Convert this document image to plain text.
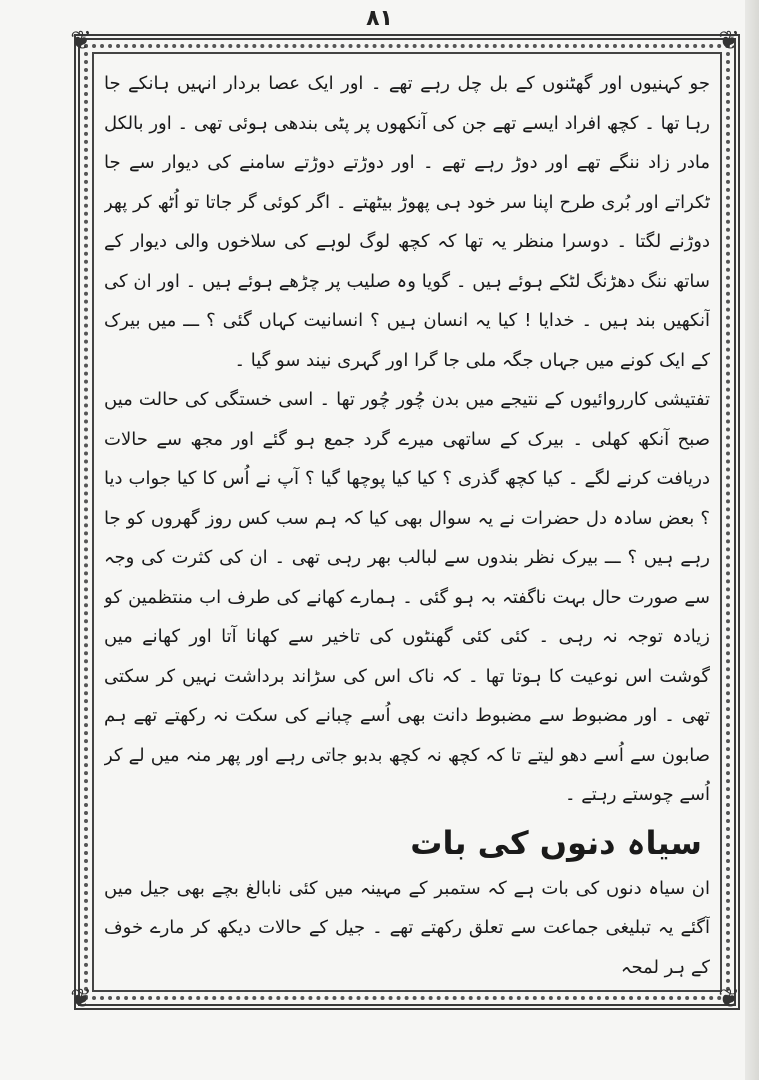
۸۱
❦	❦
❦	❦

جو کہنیوں اور گھٹنوں کے بل چل رہے تھے ۔ اور ایک عصا بردار انہیں ہانکے جا رہا تھا ۔ کچھ افراد ایسے تھے جن کی آنکھوں پر پٹی بندھی ہوئی تھی ۔ اور بالکل مادر زاد ننگے تھے اور دوڑ رہے تھے ۔ اور دوڑتے دوڑتے سامنے کی دیوار سے جا ٹکراتے اور بُری طرح اپنا سر خود ہی پھوڑ بیٹھتے ۔ اگر کوئی گر جاتا تو اُٹھ کر پھر دوڑنے لگتا ۔ دوسرا منظر یہ تھا کہ کچھ لوگ لوہے کی سلاخوں والی دیوار کے ساتھ ننگ دھڑنگ لٹکے ہوئے ہیں ۔ گویا وہ صلیب پر چڑھے ہوئے ہیں ۔ اور ان کی آنکھیں بند ہیں ۔ خدایا ! کیا یہ انسان ہیں ؟ انسانیت کہاں گئی ؟ ـــ میں بیرک کے ایک کونے میں جہاں جگہ ملی جا گرا اور گہری نیند سو گیا ۔

تفتیشی کارروائیوں کے نتیجے میں بدن چُور چُور تھا ۔ اسی خستگی کی حالت میں صبح آنکھ کھلی ۔ بیرک کے ساتھی میرے گرد جمع ہو گئے اور مجھ سے حالات دریافت کرنے لگے ۔ کیا کچھ گذری ؟ کیا کیا پوچھا گیا ؟ آپ نے اُس کا کیا جواب دیا ؟ بعض سادہ دل حضرات نے یہ سوال بھی کیا کہ ہم سب کس روز گھروں کو جا رہے ہیں ؟ ـــ بیرک نظر بندوں سے لبالب بھر رہی تھی ۔ ان کی کثرت کی وجہ سے صورت حال بہت ناگفتہ بہ ہو گئی ۔ ہمارے کھانے کی طرف اب منتظمین کو زیادہ توجہ نہ رہی ۔ کئی کئی گھنٹوں کی تاخیر سے کھانا آتا اور کھانے میں گوشت اس نوعیت کا ہوتا تھا ۔ کہ ناک اس کی سڑاند برداشت نہیں کر سکتی تھی ۔ اور مضبوط سے مضبوط دانت بھی اُسے چبانے کی سکت نہ رکھتے تھے ہم صابون سے اُسے دھو لیتے تا کہ کچھ نہ کچھ بدبو جاتی رہے اور پھر منہ میں لے کر اُسے چوستے رہتے ۔

سیاہ دنوں کی بات

ان سیاہ دنوں کی بات ہے کہ ستمبر کے مہینہ میں کئی نابالغ بچے بھی جیل میں آگئے یہ تبلیغی جماعت سے تعلق رکھتے تھے ۔ جیل کے حالات دیکھ کر مارے خوف کے ہر لمحہ
